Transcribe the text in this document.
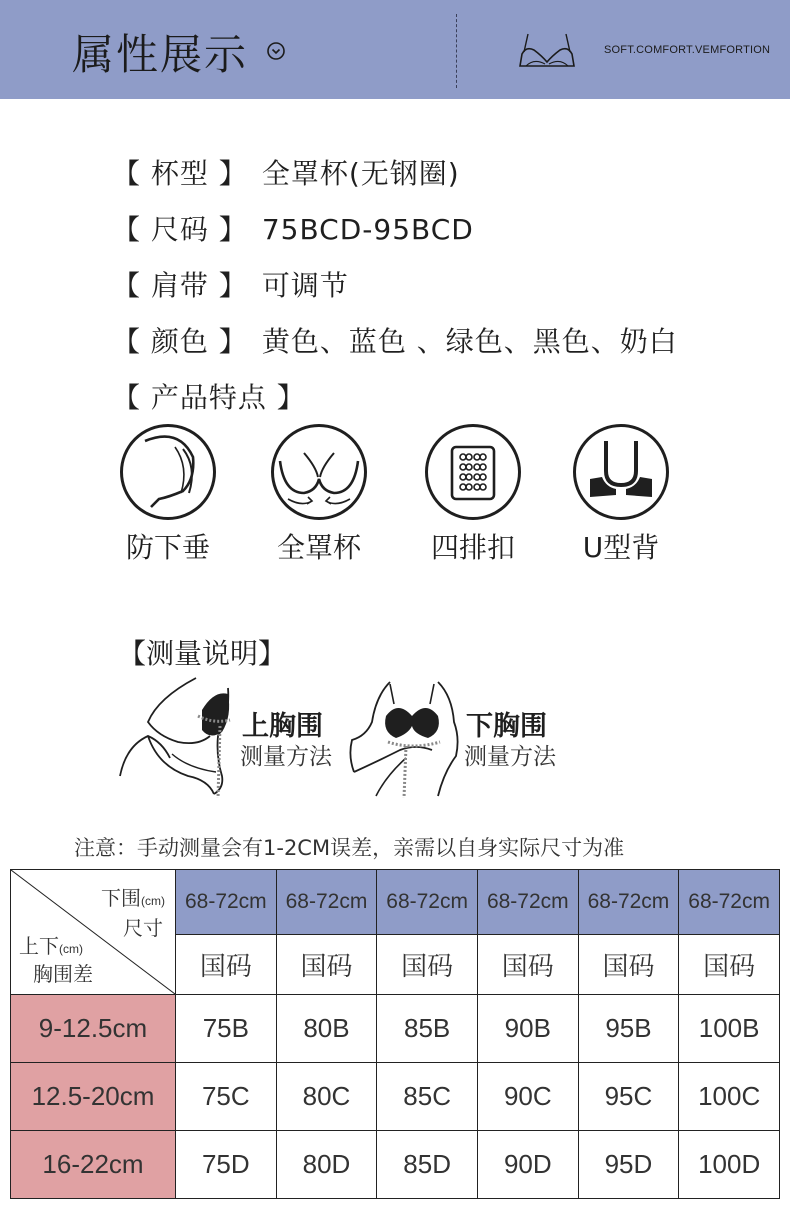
属性展示	SOFT.COMFORT.VEMFORTION
【 杯型 】 全罩杯(无钢圈)
【 尺码 】 75BCD-95BCD
【 肩带 】 可调节
【 颜色 】 黄色、蓝色 、绿色、黑色、奶白
【 产品特点 】
防下垂 全罩杯 四排扣	U型背
【测量说明】
上胸围
测量方法
下胸围
测量方法
注意：手动测量会有1-2CM误差，亲需以自身实际尺寸为准
下围(cm)
尺寸
上下(cm)
胸围差	68-72cm	68-72cm	68-72cm	68-72cm	68-72cm	68-72cm
	国码	国码	国码	国码	国码	国码
9-12.5cm	75B	80B	85B	90B	95B	100B
12.5-20cm	75C	80C	85C	90C	95C	100C
16-22cm	75D	80D	85D	90D	95D	100D
